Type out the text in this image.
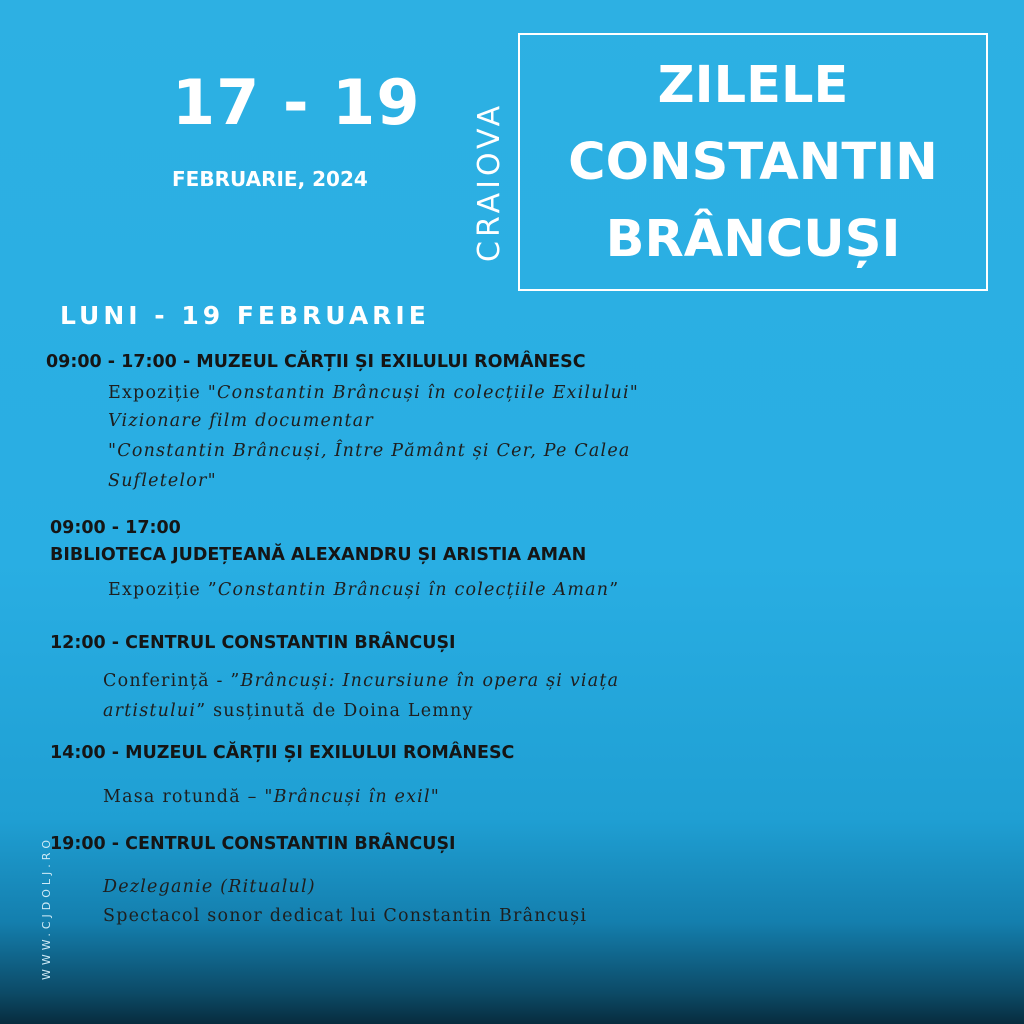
17 - 19
FEBRUARIE, 2024	CRAIOVA
ZILELE
CONSTANTIN
BRÂNCUȘI
LUNI - 19 FEBRUARIE
09:00 - 17:00 - MUZEUL CĂRȚII ȘI EXILULUI ROMÂNESC
Expoziție "Constantin Brâncuși în colecțiile Exilului"
Vizionare film documentar
"Constantin Brâncuși, Între Pământ și Cer, Pe Calea
Sufletelor"
09:00 - 17:00
BIBLIOTECA JUDEȚEANĂ ALEXANDRU ȘI ARISTIA AMAN
Expoziție ”Constantin Brâncuși în colecțiile Aman”
12:00 - CENTRUL CONSTANTIN BRÂNCUȘI
Conferință - ”Brâncuși: Incursiune în opera și viața
artistului” susținută de Doina Lemny
14:00 - MUZEUL CĂRȚII ȘI EXILULUI ROMÂNESC
Masa rotundă – "Brâncuși în exil"
19:00 - CENTRUL CONSTANTIN BRÂNCUȘI
Dezleganie (Ritualul)
Spectacol sonor dedicat lui Constantin Brâncuși
WWW.CJDOLJ.RO
